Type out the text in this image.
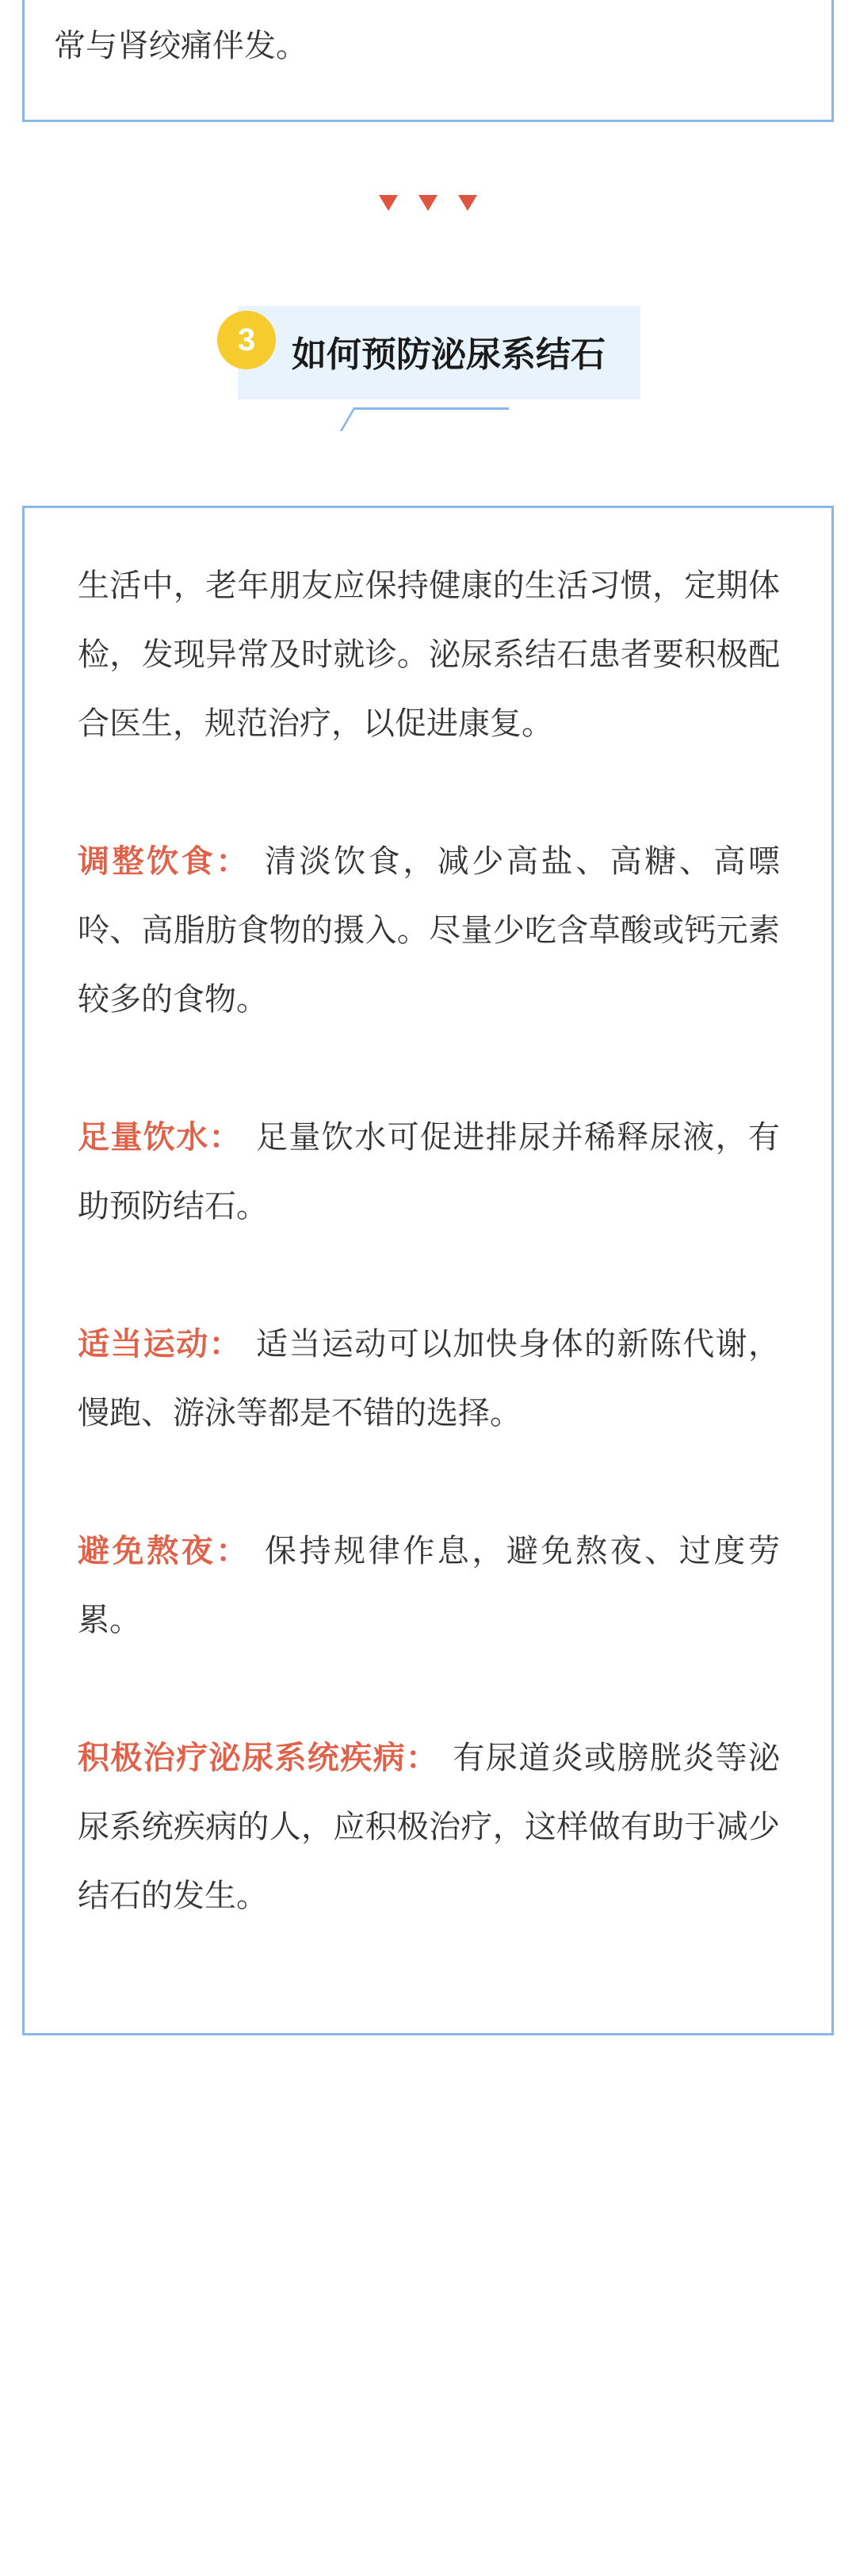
常与肾绞痛伴发。
3	如何预防泌尿系结石

生活中，老年朋友应保持健康的生活习惯，定期体检，发现异常及时就诊。泌尿系结石患者要积极配合医生，规范治疗，以促进康复。

调整饮食： 清淡饮食，减少高盐、高糖、高嘌呤、高脂肪食物的摄入。尽量少吃含草酸或钙元素较多的食物。

足量饮水： 足量饮水可促进排尿并稀释尿液，有助预防结石。

适当运动： 适当运动可以加快身体的新陈代谢，慢跑、游泳等都是不错的选择。

避免熬夜： 保持规律作息，避免熬夜、过度劳累。

积极治疗泌尿系统疾病： 有尿道炎或膀胱炎等泌尿系统疾病的人，应积极治疗，这样做有助于减少结石的发生。
